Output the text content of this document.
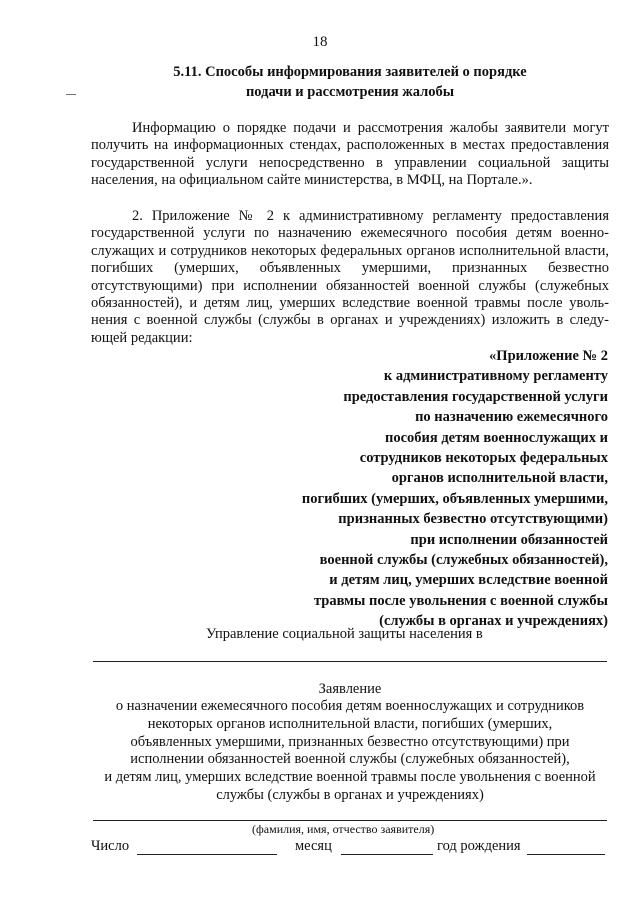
18
5.11. Способы информирования заявителей о порядке
подачи и рассмотрения жалобы
Информацию о порядке подачи и рассмотрения жалобы заявители могут получить на информационных стендах, расположенных в местах предоставления государственной услуги непосредственно в управлении социальной защиты населения, на официальном сайте министерства, в МФЦ, на Портале.».
2. Приложение № 2 к административному регламенту предоставления государственной услуги по назначению ежемесячного пособия детям военно-служащих и сотрудников некоторых федеральных органов исполнительной власти, погибших (умерших, объявленных умершими, признанных безвестно отсутствующими) при исполнении обязанностей военной службы (служебных обязанностей), и детям лиц, умерших вследствие военной травмы после уволь-нения с военной службы (службы в органах и учреждениях) изложить в следу-ющей редакции:
«Приложение № 2
к административному регламенту
предоставления государственной услуги
по назначению ежемесячного
пособия детям военнослужащих и
сотрудников некоторых федеральных
органов исполнительной власти,
погибших (умерших, объявленных умершими,
признанных безвестно отсутствующими)
при исполнении обязанностей
военной службы (служебных обязанностей),
и детям лиц, умерших вследствие военной
травмы после увольнения с военной службы
(службы в органах и учреждениях)
Управление социальной защиты населения в
Заявление
о назначении ежемесячного пособия детям военнослужащих и сотрудников
некоторых органов исполнительной власти, погибших (умерших,
объявленных умершими, признанных безвестно отсутствующими) при
исполнении обязанностей военной службы (служебных обязанностей),
и детям лиц, умерших вследствие военной травмы после увольнения с военной
службы (службы в органах и учреждениях)
(фамилия, имя, отчество заявителя)
Число	месяц	год рождения
